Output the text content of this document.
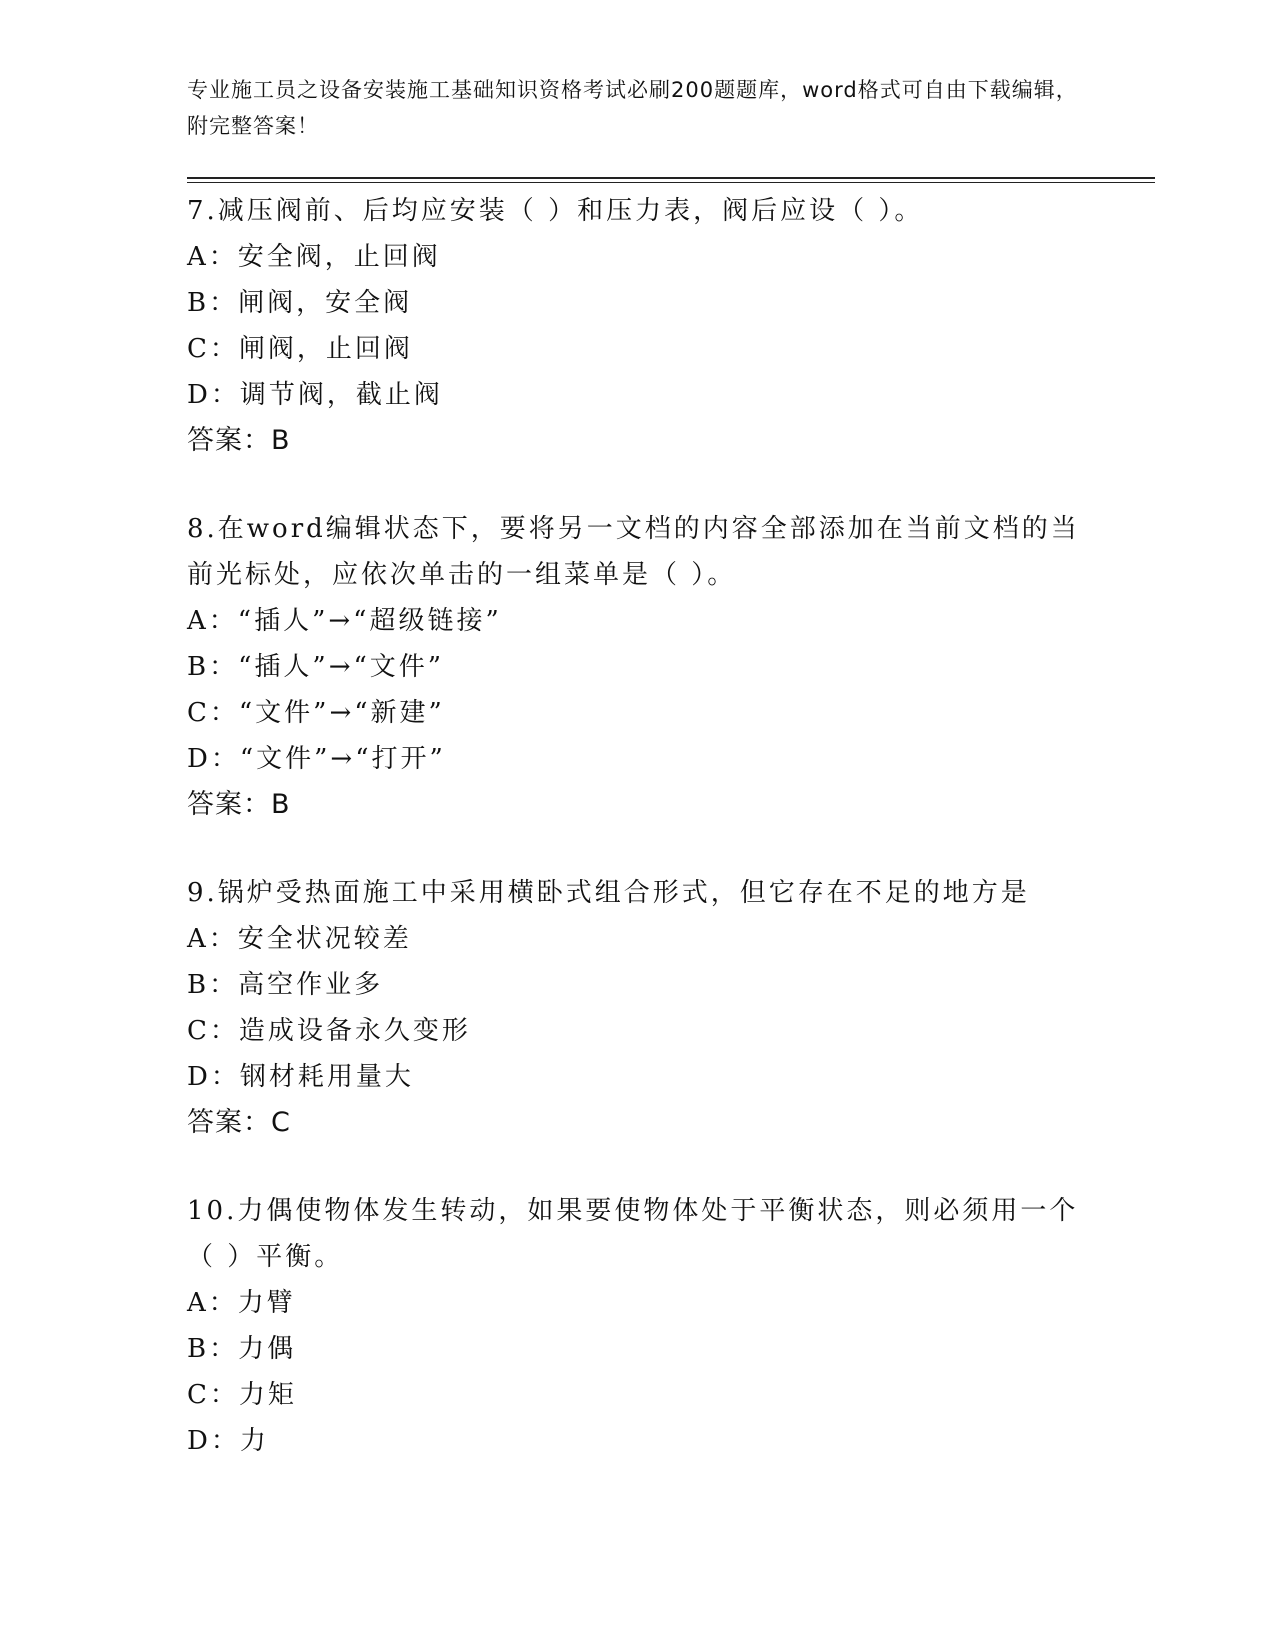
专业施工员之设备安装施工基础知识资格考试必刷200题题库，word格式可自由下载编辑，附完整答案！
7.减压阀前、后均应安装（ ）和压力表，阀后应设（ ）。
A：安全阀，止回阀
B：闸阀，安全阀
C：闸阀，止回阀
D：调节阀，截止阀
答案：B
8.在word编辑状态下，要将另一文档的内容全部添加在当前文档的当前光标处，应依次单击的一组菜单是（ ）。
A：“插人”→“超级链接”
B：“插人”→“文件”
C：“文件”→“新建”
D：“文件”→“打开”
答案：B
9.锅炉受热面施工中采用横卧式组合形式，但它存在不足的地方是
A：安全状况较差
B：高空作业多
C：造成设备永久变形
D：钢材耗用量大
答案：C
10.力偶使物体发生转动，如果要使物体处于平衡状态，则必须用一个（ ）平衡。
A：力臂
B：力偶
C：力矩
D：力
